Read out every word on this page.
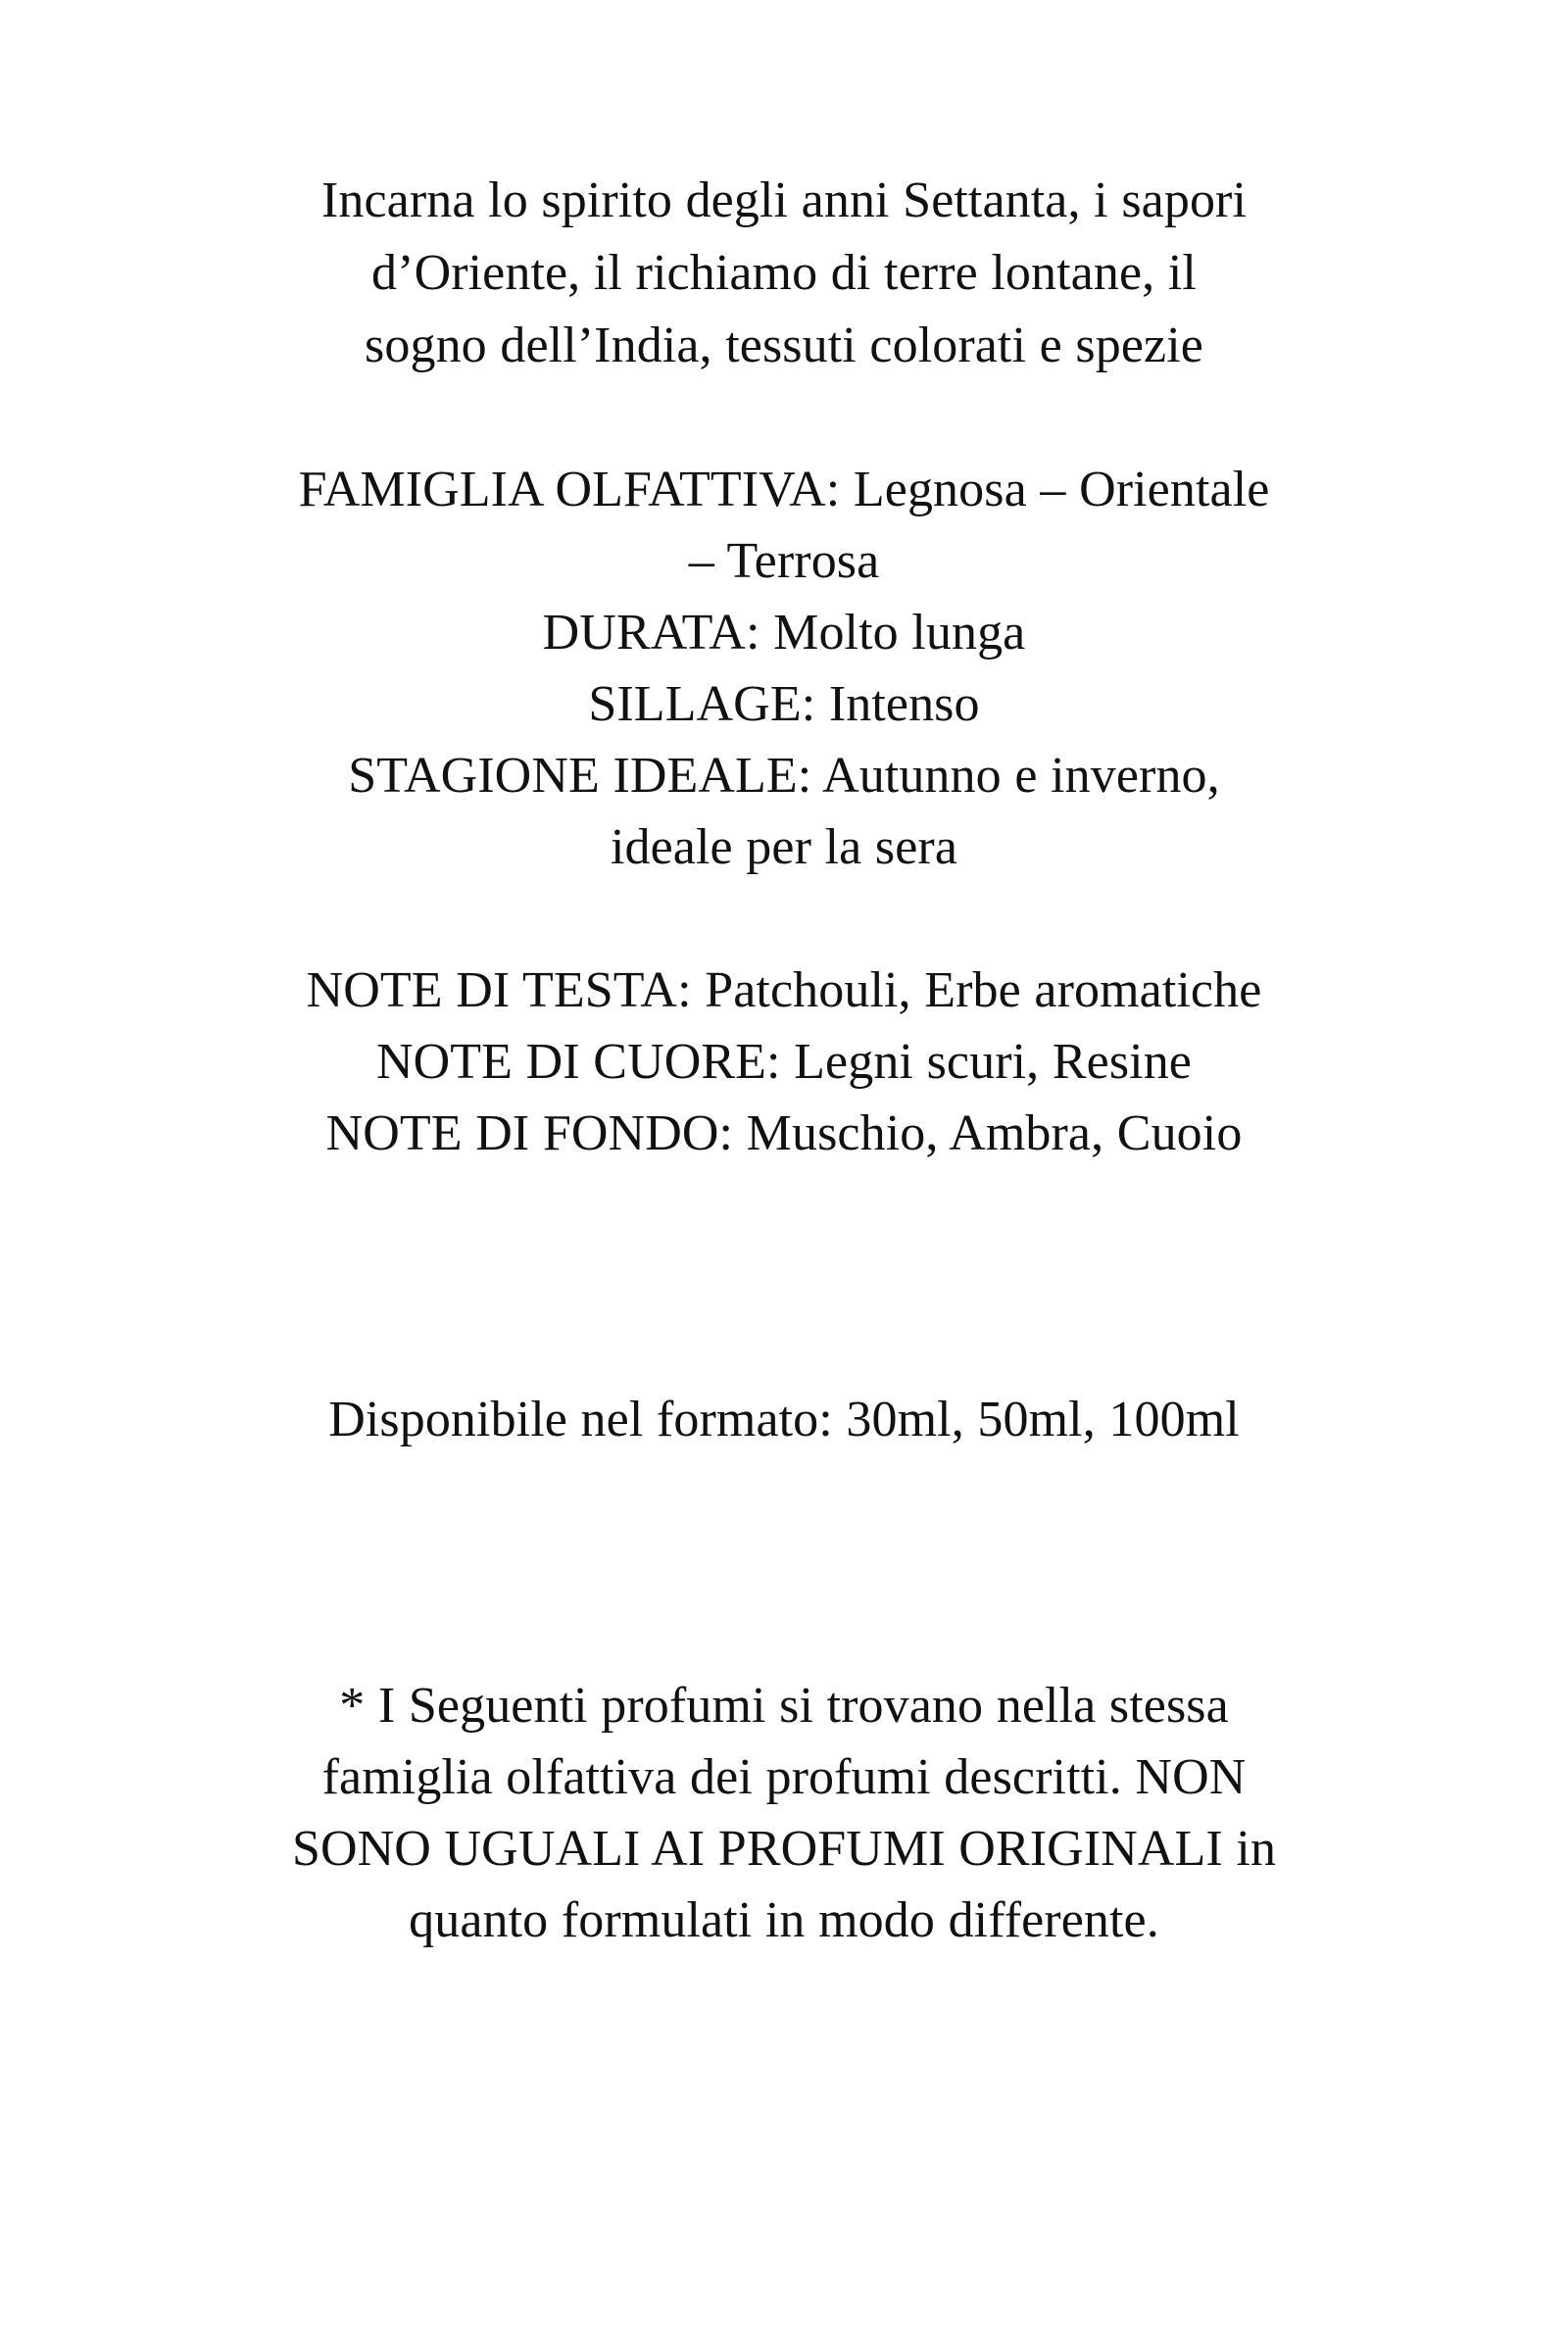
Incarna lo spirito degli anni Settanta, i sapori
d’Oriente, il richiamo di terre lontane, il
sogno dell’India, tessuti colorati e spezie
FAMIGLIA OLFATTIVA: Legnosa – Orientale
– Terrosa
DURATA: Molto lunga
SILLAGE: Intenso
STAGIONE IDEALE: Autunno e inverno,
ideale per la sera
NOTE DI TESTA: Patchouli, Erbe aromatiche
NOTE DI CUORE: Legni scuri, Resine
NOTE DI FONDO: Muschio, Ambra, Cuoio
Disponibile nel formato: 30ml, 50ml, 100ml
* I Seguenti profumi si trovano nella stessa
famiglia olfattiva dei profumi descritti. NON
SONO UGUALI AI PROFUMI ORIGINALI in
quanto formulati in modo differente.
